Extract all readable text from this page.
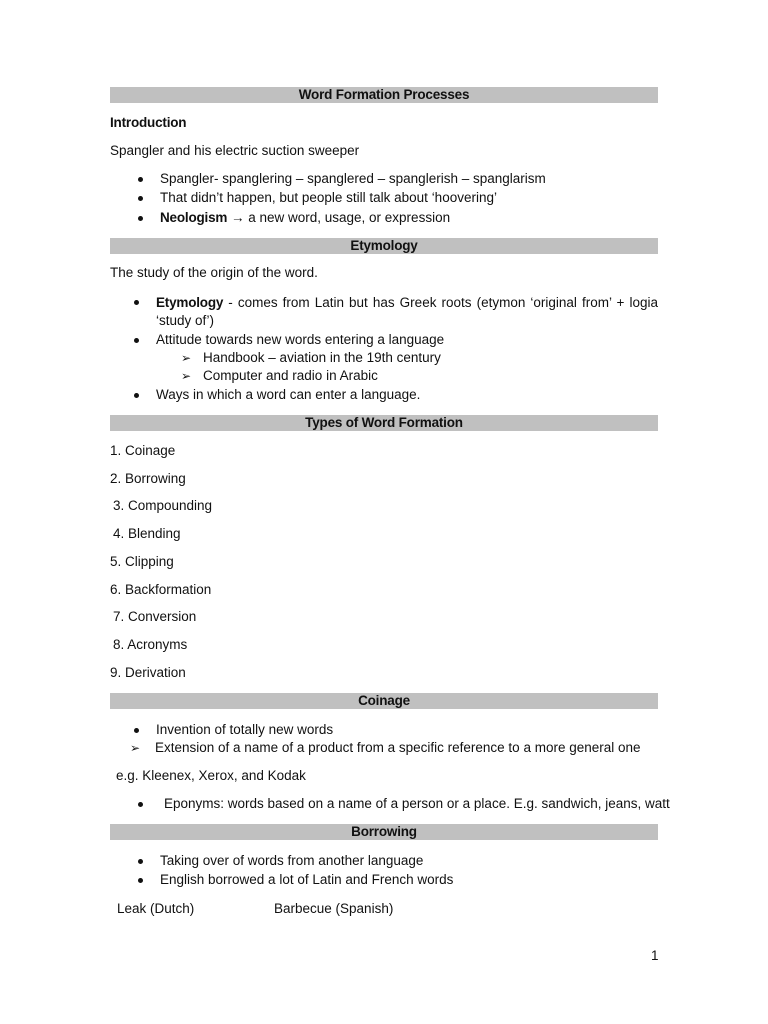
Word Formation Processes
Introduction
Spangler and his electric suction sweeper
Spangler- spanglering – spanglered – spanglerish – spanglarism
That didn’t happen, but people still talk about ‘hoovering’
Neologism → a new word, usage, or expression
Etymology
The study of the origin of the word.
Etymology - comes from Latin but has Greek roots (etymon ‘original from’ + logia ‘study of’)
Attitude towards new words entering a language
➢ Handbook – aviation in the 19th century
➢ Computer and radio in Arabic
Ways in which a word can enter a language.
Types of Word Formation
1. Coinage
2. Borrowing
3. Compounding
4. Blending
5. Clipping
6. Backformation
7. Conversion
8. Acronyms
9. Derivation
Coinage
Invention of totally new words
➢ Extension of a name of a product from a specific reference to a more general one
e.g. Kleenex, Xerox, and Kodak
Eponyms: words based on a name of a person or a place. E.g. sandwich, jeans, watt
Borrowing
Taking over of words from another language
English borrowed a lot of Latin and French words
Leak (Dutch)	Barbecue (Spanish)
1
